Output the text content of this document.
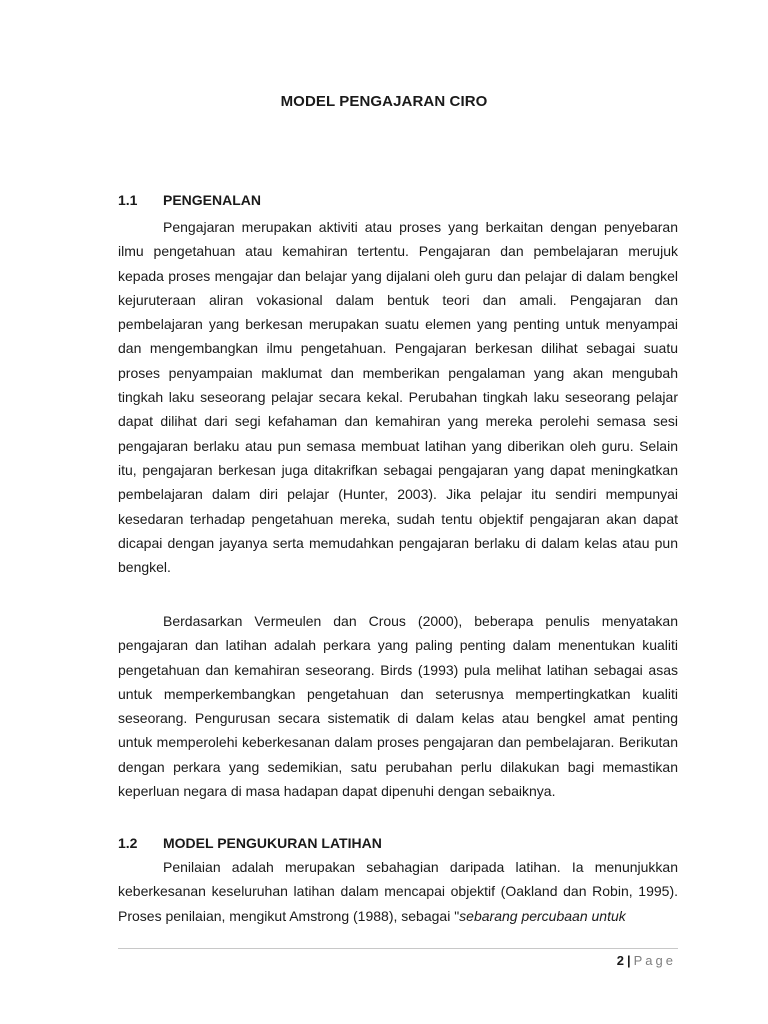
MODEL PENGAJARAN CIRO
1.1 PENGENALAN

Pengajaran merupakan aktiviti atau proses yang berkaitan dengan penyebaran ilmu pengetahuan atau kemahiran tertentu. Pengajaran dan pembelajaran merujuk kepada proses mengajar dan belajar yang dijalani oleh guru dan pelajar di dalam bengkel kejuruteraan aliran vokasional dalam bentuk teori dan amali. Pengajaran dan pembelajaran yang berkesan merupakan suatu elemen yang penting untuk menyampai dan mengembangkan ilmu pengetahuan. Pengajaran berkesan dilihat sebagai suatu proses penyampaian maklumat dan memberikan pengalaman yang akan mengubah tingkah laku seseorang pelajar secara kekal. Perubahan tingkah laku seseorang pelajar dapat dilihat dari segi kefahaman dan kemahiran yang mereka perolehi semasa sesi pengajaran berlaku atau pun semasa membuat latihan yang diberikan oleh guru. Selain itu, pengajaran berkesan juga ditakrifkan sebagai pengajaran yang dapat meningkatkan pembelajaran dalam diri pelajar (Hunter, 2003). Jika pelajar itu sendiri mempunyai kesedaran terhadap pengetahuan mereka, sudah tentu objektif pengajaran akan dapat dicapai dengan jayanya serta memudahkan pengajaran berlaku di dalam kelas atau pun bengkel.

Berdasarkan Vermeulen dan Crous (2000), beberapa penulis menyatakan pengajaran dan latihan adalah perkara yang paling penting dalam menentukan kualiti pengetahuan dan kemahiran seseorang. Birds (1993) pula melihat latihan sebagai asas untuk memperkembangkan pengetahuan dan seterusnya mempertingkatkan kualiti seseorang. Pengurusan secara sistematik di dalam kelas atau bengkel amat penting untuk memperolehi keberkesanan dalam proses pengajaran dan pembelajaran. Berikutan dengan perkara yang sedemikian, satu perubahan perlu dilakukan bagi memastikan keperluan negara di masa hadapan dapat dipenuhi dengan sebaiknya.

1.2 MODEL PENGUKURAN LATIHAN

Penilaian adalah merupakan sebahagian daripada latihan. Ia menunjukkan keberkesanan keseluruhan latihan dalam mencapai objektif (Oakland dan Robin, 1995). Proses penilaian, mengikut Amstrong (1988), sebagai "sebarang percubaan untuk

2 | Page
